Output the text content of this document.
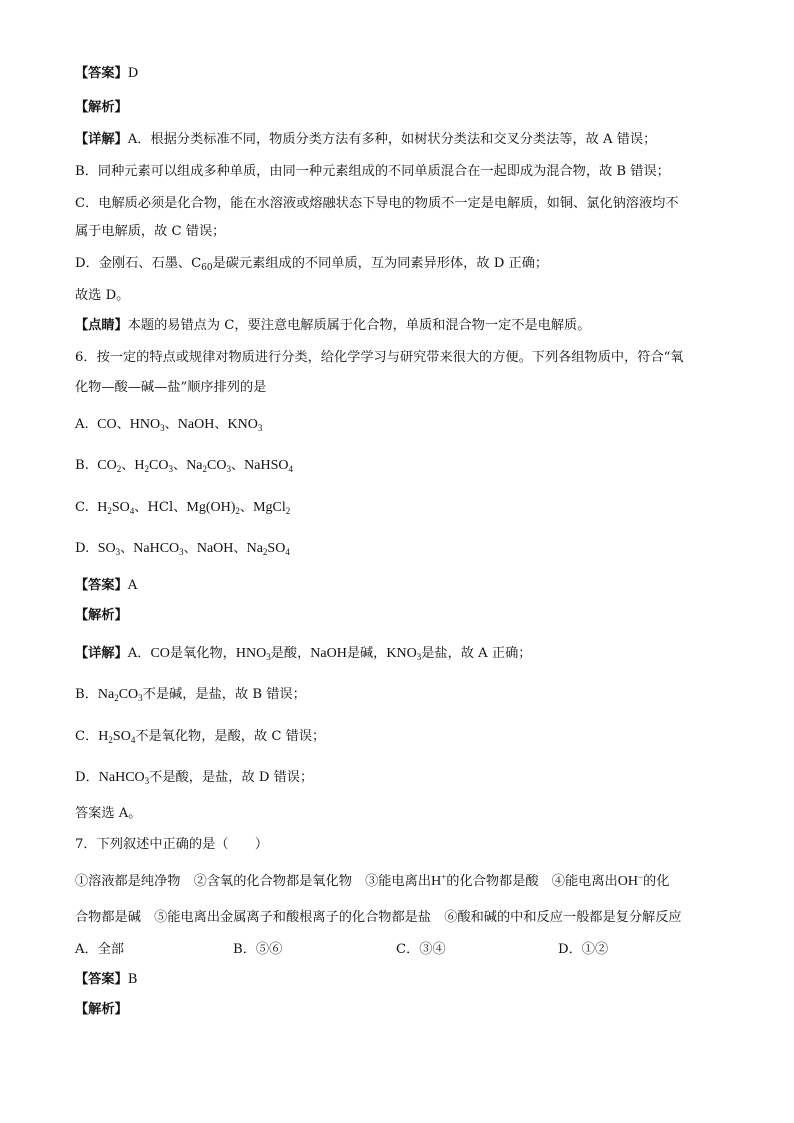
【答案】D
【解析】
【详解】A．根据分类标准不同，物质分类方法有多种，如树状分类法和交叉分类法等，故 A 错误；
B．同种元素可以组成多种单质，由同一种元素组成的不同单质混合在一起即成为混合物，故 B 错误；
C．电解质必须是化合物，能在水溶液或熔融状态下导电的物质不一定是电解质，如铜、氯化钠溶液均不
属于电解质，故 C 错误；
D．金刚石、石墨、$C_{60}$是碳元素组成的不同单质，互为同素异形体，故 D 正确；
故选 D。
【点睛】本题的易错点为 C，要注意电解质属于化合物，单质和混合物一定不是电解质。
6．按一定的特点或规律对物质进行分类，给化学学习与研究带来很大的方便。下列各组物质中，符合“氧
化物—酸—碱—盐”顺序排列的是
A.  CO、$HNO_3$、NaOH、$KNO_3$
B.  $CO_2$、$H_2CO_3$、$Na_2CO_3$、NaHSO$_4$
C.  $H_2SO_4$、HCl、$Mg(OH)_2$、MgCl$_2$
D.  $SO_3$、NaHCO$_3$、NaOH、$Na_2SO_4$
【答案】A
【解析】
【详解】A．CO是氧化物，$HNO_3$是酸，NaOH是碱，$KNO_3$是盐，故 A 正确；
B．$Na_2CO_3$不是碱，是盐，故 B 错误；
C．$H_2SO_4$不是氧化物，是酸，故 C 错误；
D．NaHCO$_3$不是酸，是盐，故 D 错误；
答案选 A。
7．下列叙述中正确的是（　　）
①溶液都是纯净物　②含氧的化合物都是氧化物　③能电离出H+的化合物都是酸　④能电离出OH−的化
合物都是碱　⑤能电离出金属离子和酸根离子的化合物都是盐　⑥酸和碱的中和反应一般都是复分解反应
A．全部	B．⑤⑥	C．③④	D．①②
【答案】B
【解析】
